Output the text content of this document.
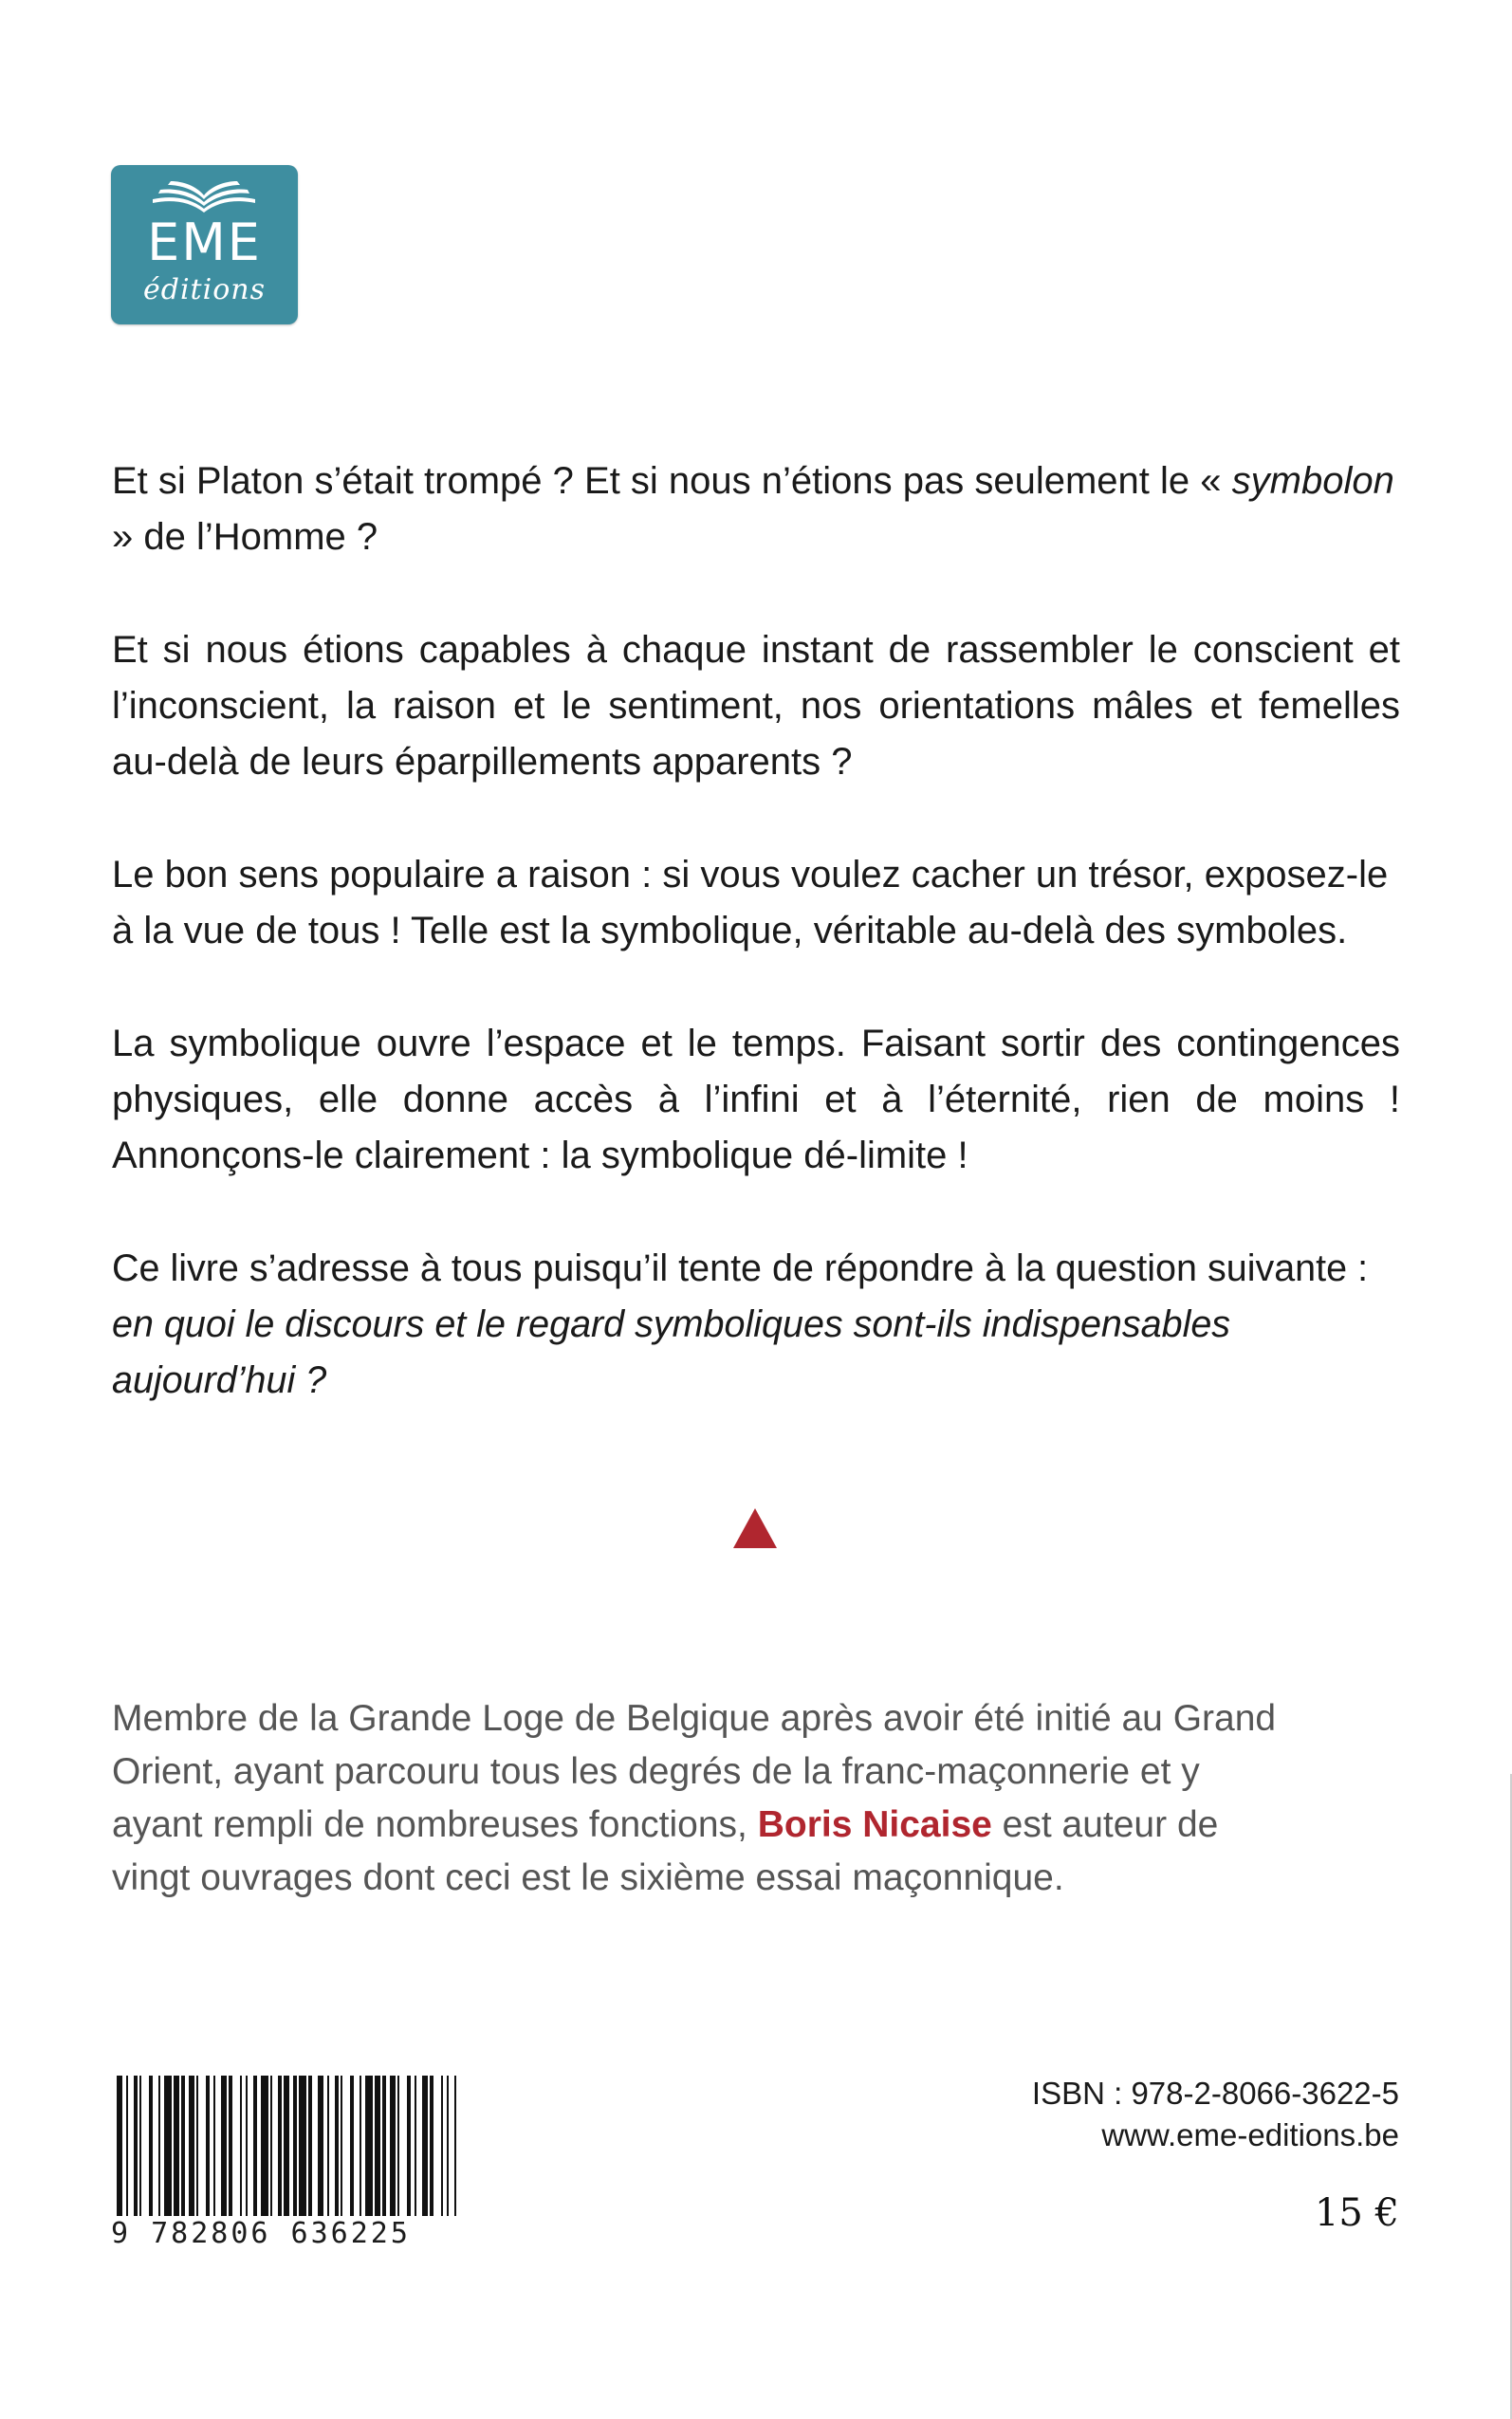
EME
éditions

Et si Platon s’était trompé ? Et si nous n’étions pas seulement le « symbolon » de l’Homme ?

Et si nous étions capables à chaque instant de rassembler le conscient et l’inconscient, la raison et le sentiment, nos orientations mâles et femelles au-delà de leurs éparpillements apparents ?

Le bon sens populaire a raison : si vous voulez cacher un trésor, exposez-le à la vue de tous ! Telle est la symbolique, véritable au-delà des symboles.

La symbolique ouvre l’espace et le temps. Faisant sortir des contingences physiques, elle donne accès à l’infini et à l’éternité, rien de moins ! Annonçons-le clairement : la symbolique dé-limite !

Ce livre s’adresse à tous puisqu’il tente de répondre à la question suivante :
en quoi le discours et le regard symboliques sont-ils indispensables aujourd’hui ?

Membre de la Grande Loge de Belgique après avoir été initié au Grand Orient, ayant parcouru tous les degrés de la franc-maçonnerie et y ayant rempli de nombreuses fonctions, Boris Nicaise est auteur de vingt ouvrages dont ceci est le sixième essai maçonnique.
9 782806 636225
ISBN : 978-2-8066-3622-5
www.eme-editions.be
15 €
